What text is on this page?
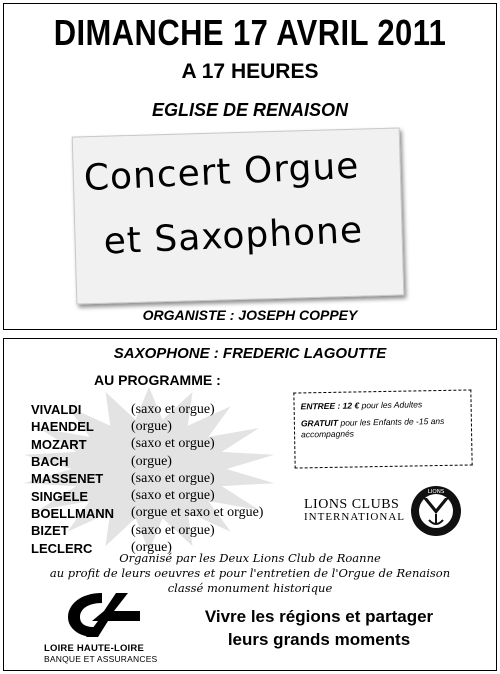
DIMANCHE 17 AVRIL 2011
A 17 HEURES
EGLISE DE RENAISON
Concert Orgue
et Saxophone
ORGANISTE : JOSEPH COPPEY
SAXOPHONE : FREDERIC LAGOUTTE
AU PROGRAMME :
VIVALDI	(saxo et orgue)
HAENDEL	(orgue)
MOZART	(saxo et orgue)
BACH	(orgue)
MASSENET	(saxo et orgue)
SINGELE	(saxo et orgue)
BOELLMANN	(orgue et saxo et orgue)
BIZET	(saxo et orgue)
LECLERC	(orgue)
ENTREE : 12 € pour les Adultes
GRATUIT pour les Enfants de -15 ans accompagnés
LIONS CLUBS
INTERNATIONAL
LIONS
Organisé par les Deux Lions Club de Roanne
au profit de leurs oeuvres et pour l'entretien de l'Orgue de Renaison
classé monument historique
LOIRE HAUTE-LOIRE
BANQUE ET ASSURANCES
Vivre les régions et partager
leurs grands moments
